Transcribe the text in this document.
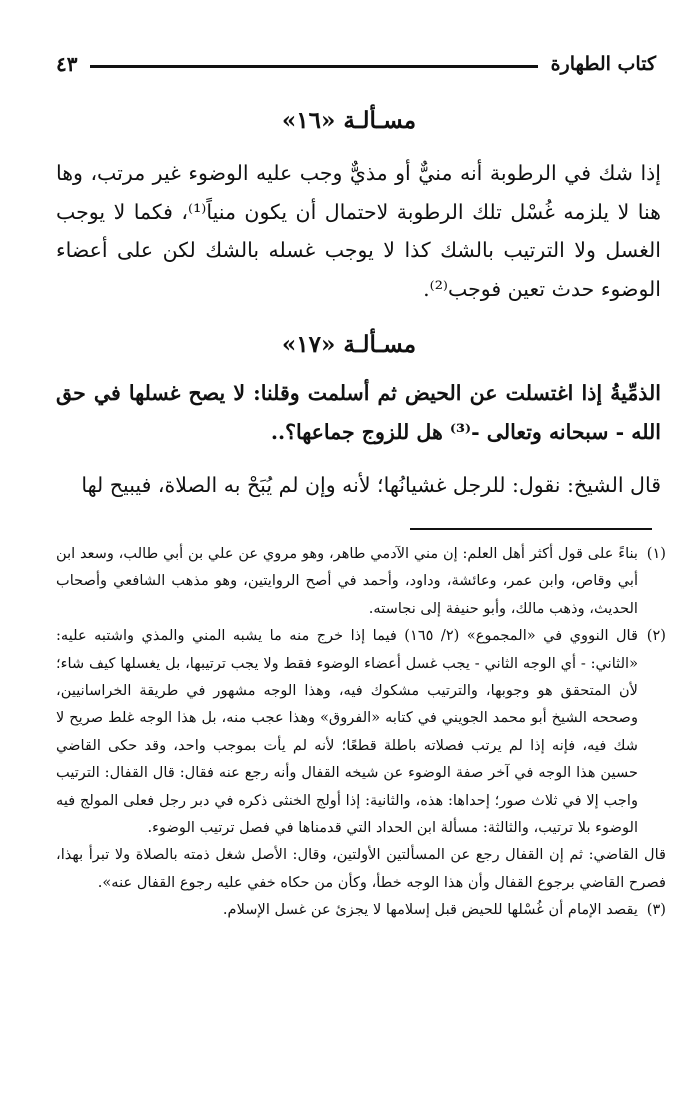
٤٣	كتاب الطهارة
مسـألـة «١٦»
إذا شك في الرطوبة أنه منيٌّ أو مذيٌّ وجب عليه الوضوء غير مرتب، وها هنا لا يلزمه غُسْل تلك الرطوبة لاحتمال أن يكون منياً⁽¹⁾، فكما لا يوجب الغسل ولا الترتيب بالشك كذا لا يوجب غسله بالشك لكن على أعضاء الوضوء حدث تعين فوجب⁽²⁾.
مسـألـة «١٧»
الذمِّيةُ إذا اغتسلت عن الحيض ثم أسلمت وقلنا: لا يصح غسلها في حق الله - سبحانه وتعالى -⁽³⁾ هل للزوج جماعها؟..
قال الشيخ: نقول: للرجل غشيانُها؛ لأنه وإن لم يُبَحْ به الصلاة، فيبيح لها
(١)

بناءً على قول أكثر أهل العلم: إن مني الآدمي طاهر، وهو مروي عن علي بن أبي طالب، وسعد ابن أبي وقاص، وابن عمر، وعائشة، وداود، وأحمد في أصح الروايتين، وهو مذهب الشافعي وأصحاب الحديث، وذهب مالك، وأبو حنيفة إلى نجاسته.

(٢)

قال النووي في «المجموع» (٢/ ١٦٥) فيما إذا خرج منه ما يشبه المني والمذي واشتبه عليه: «الثاني: - أي الوجه الثاني - يجب غسل أعضاء الوضوء فقط ولا يجب ترتيبها، بل يغسلها كيف شاء؛ لأن المتحقق هو وجوبها، والترتيب مشكوك فيه، وهذا الوجه مشهور في طريقة الخراسانيين، وصححه الشيخ أبو محمد الجويني في كتابه «الفروق» وهذا عجب منه، بل هذا الوجه غلط صريح لا شك فيه، فإنه إذا لم يرتب فصلاته باطلة قطعًا؛ لأنه لم يأت بموجب واحد، وقد حكى القاضي حسين هذا الوجه في آخر صفة الوضوء عن شيخه القفال وأنه رجع عنه فقال: قال القفال: الترتيب واجب إلا في ثلاث صور؛ إحداها: هذه، والثانية: إذا أولج الخنثى ذكره في دبر رجل فعلى المولج فيه الوضوء بلا ترتيب، والثالثة: مسألة ابن الحداد التي قدمناها في فصل ترتيب الوضوء.

قال القاضي: ثم إن القفال رجع عن المسألتين الأولتين، وقال: الأصل شغل ذمته بالصلاة ولا تبرأ بهذا، فصرح القاضي برجوع القفال وأن هذا الوجه خطأ، وكأن من حكاه خفي عليه رجوع القفال عنه».

(٣)

يقصد الإمام أن غُسْلها للحيض قبل إسلامها لا يجزئ عن غسل الإسلام.
